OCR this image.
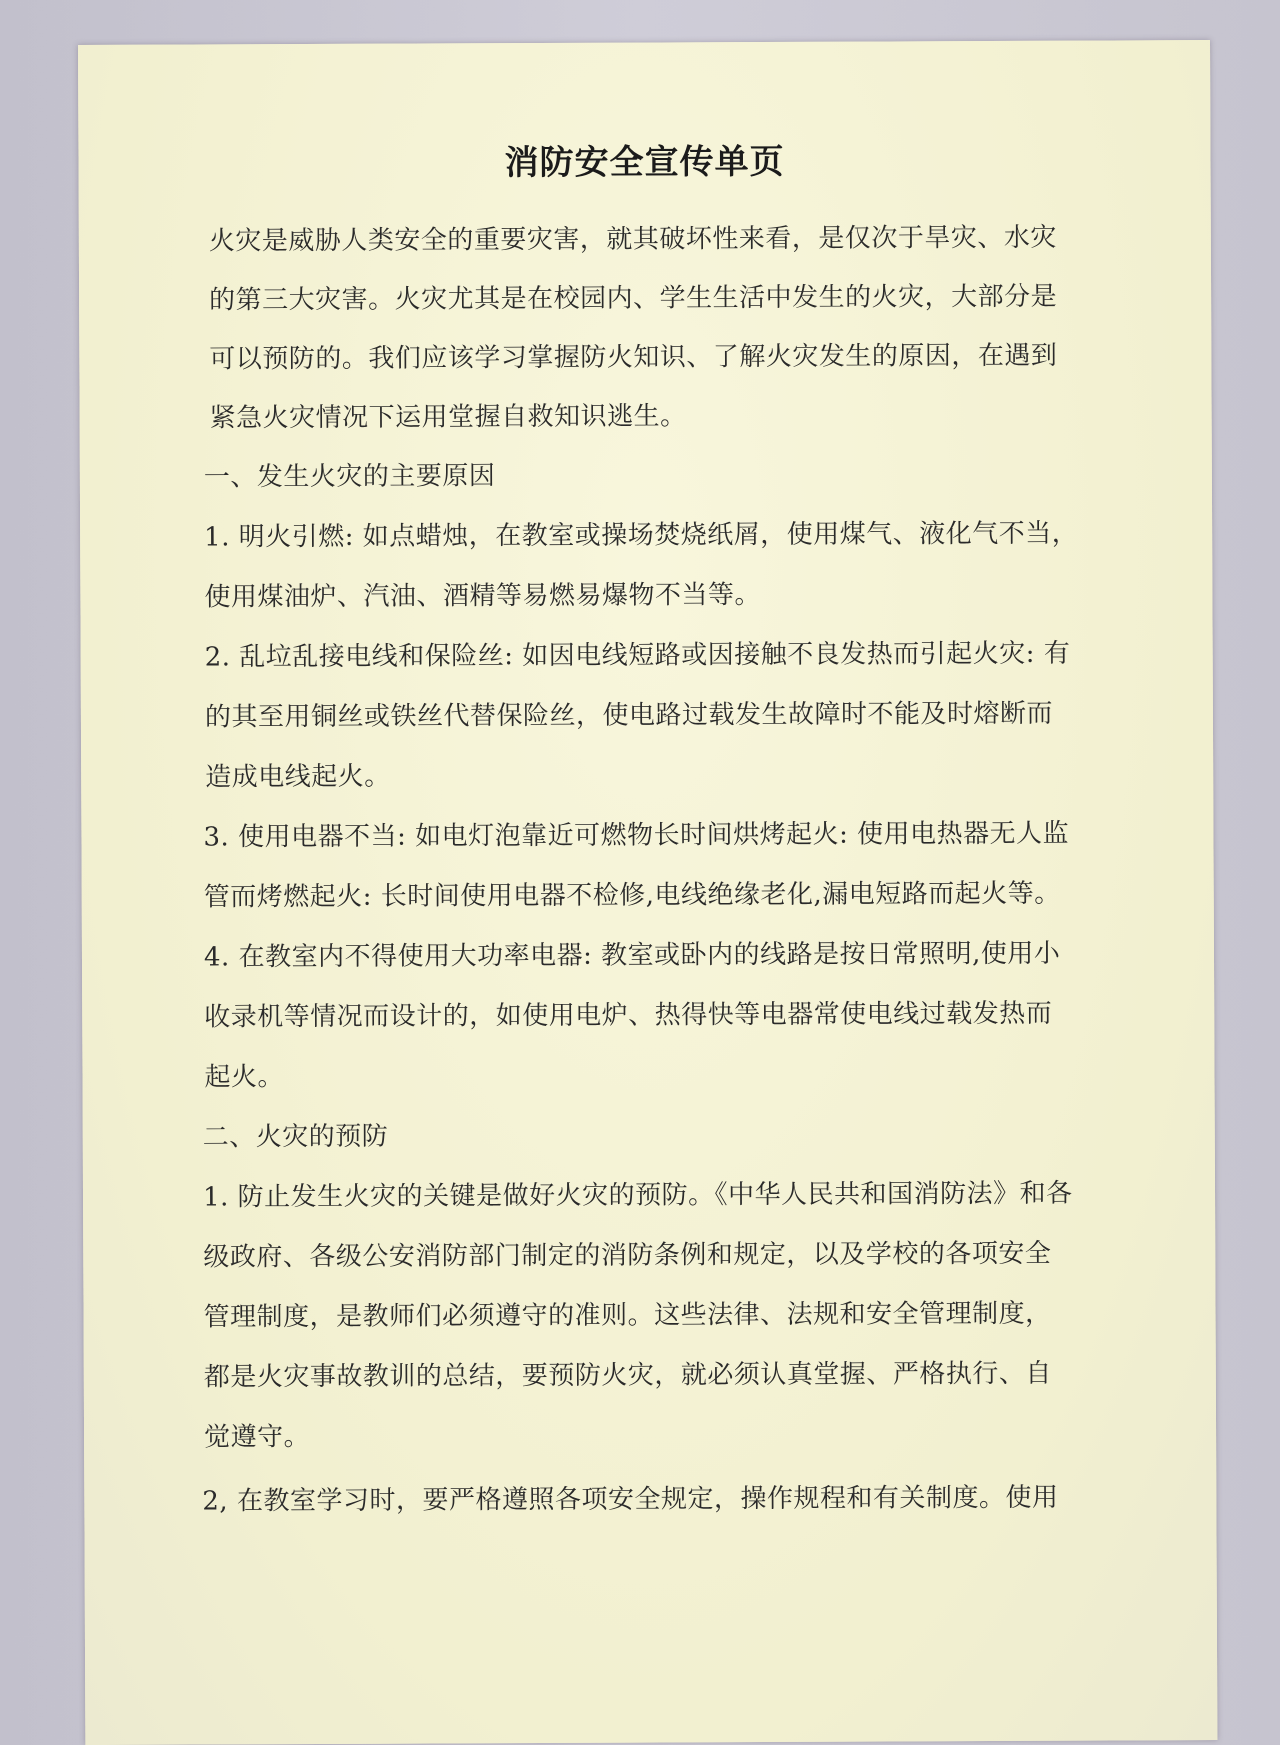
消防安全宣传单页
火灾是威胁人类安全的重要灾害，就其破坏性来看，是仅次于旱灾、水灾
的第三大灾害。火灾尤其是在校园内、学生生活中发生的火灾，大部分是
可以预防的。我们应该学习掌握防火知识、了解火灾发生的原因，在遇到
紧急火灾情况下运用堂握自救知识逃生。
一、发生火灾的主要原因
1. 明火引燃: 如点蜡烛，在教室或操场焚烧纸屑，使用煤气、液化气不当，
使用煤油炉、汽油、酒精等易燃易爆物不当等。
2. 乱垃乱接电线和保险丝: 如因电线短路或因接触不良发热而引起火灾: 有
的其至用铜丝或铁丝代替保险丝，使电路过载发生故障时不能及时熔断而
造成电线起火。
3. 使用电器不当: 如电灯泡靠近可燃物长时间烘烤起火: 使用电热器无人监
管而烤燃起火: 长时间使用电器不检修,电线绝缘老化,漏电短路而起火等。
4. 在教室内不得使用大功率电器: 教室或卧内的线路是按日常照明,使用小
收录机等情况而设计的，如使用电炉、热得快等电器常使电线过载发热而
起火。
二、火灾的预防
1. 防止发生火灾的关键是做好火灾的预防。《中华人民共和国消防法》和各
级政府、各级公安消防部门制定的消防条例和规定，以及学校的各项安全
管理制度，是教师们必须遵守的准则。这些法律、法规和安全管理制度，
都是火灾事故教训的总结，要预防火灾，就必须认真堂握、严格执行、自
觉遵守。
2, 在教室学习时，要严格遵照各项安全规定，操作规程和有关制度。使用
